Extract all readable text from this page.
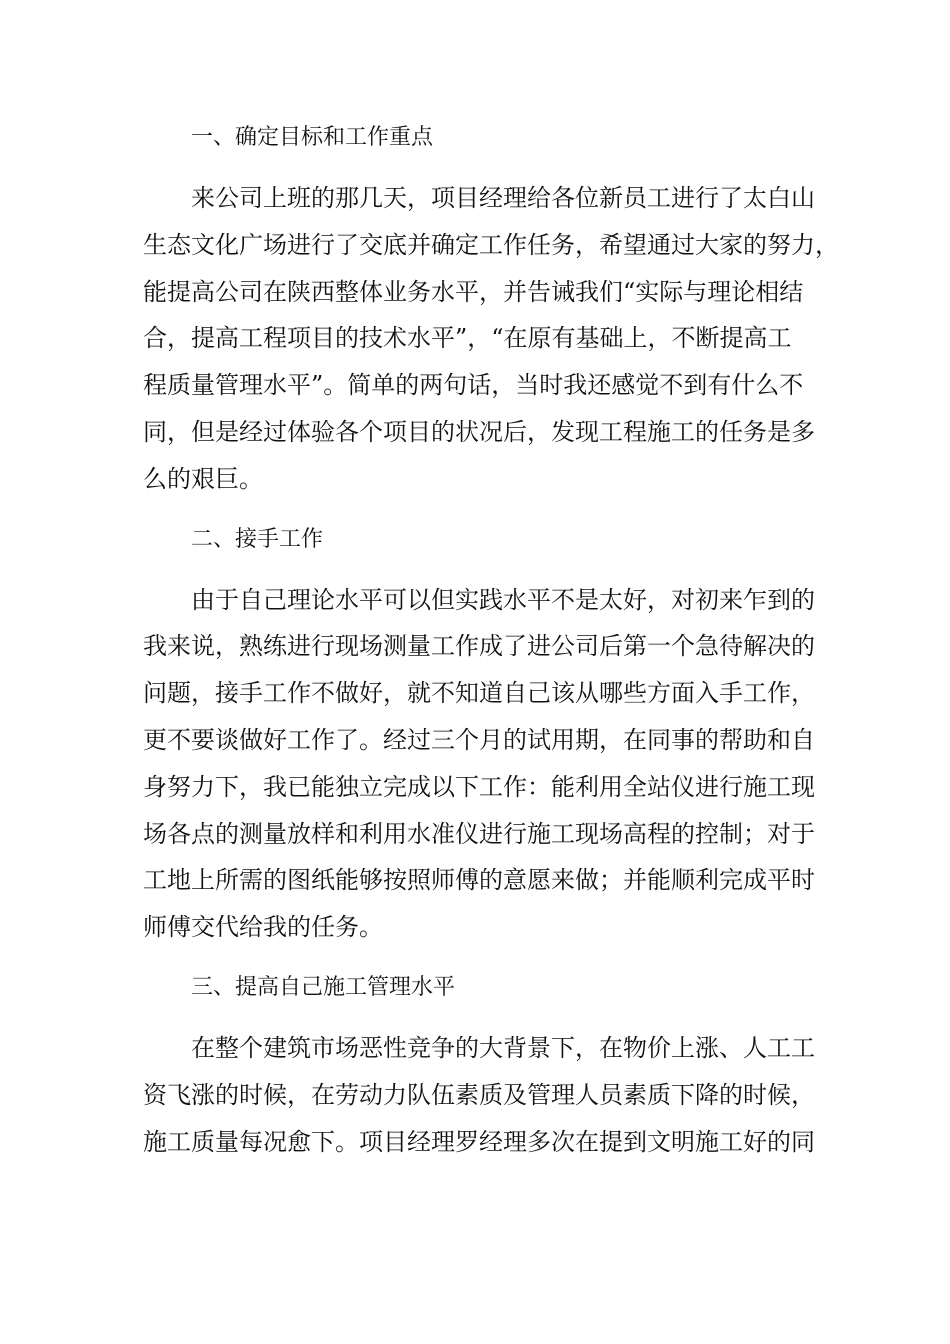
一、确定目标和工作重点

来公司上班的那几天，项目经理给各位新员工进行了太白山
生态文化广场进行了交底并确定工作任务，希望通过大家的努力，
能提高公司在陕西整体业务水平，并告诫我们“实际与理论相结
合，提高工程项目的技术水平”，“在原有基础上，不断提高工
程质量管理水平”。简单的两句话，当时我还感觉不到有什么不
同，但是经过体验各个项目的状况后，发现工程施工的任务是多
么的艰巨。

二、接手工作

由于自己理论水平可以但实践水平不是太好，对初来乍到的
我来说，熟练进行现场测量工作成了进公司后第一个急待解决的
问题，接手工作不做好，就不知道自己该从哪些方面入手工作，
更不要谈做好工作了。经过三个月的试用期，在同事的帮助和自
身努力下，我已能独立完成以下工作：能利用全站仪进行施工现
场各点的测量放样和利用水准仪进行施工现场高程的控制；对于
工地上所需的图纸能够按照师傅的意愿来做；并能顺利完成平时
师傅交代给我的任务。

三、提高自己施工管理水平

在整个建筑市场恶性竞争的大背景下，在物价上涨、人工工
资飞涨的时候，在劳动力队伍素质及管理人员素质下降的时候，
施工质量每况愈下。项目经理罗经理多次在提到文明施工好的同
